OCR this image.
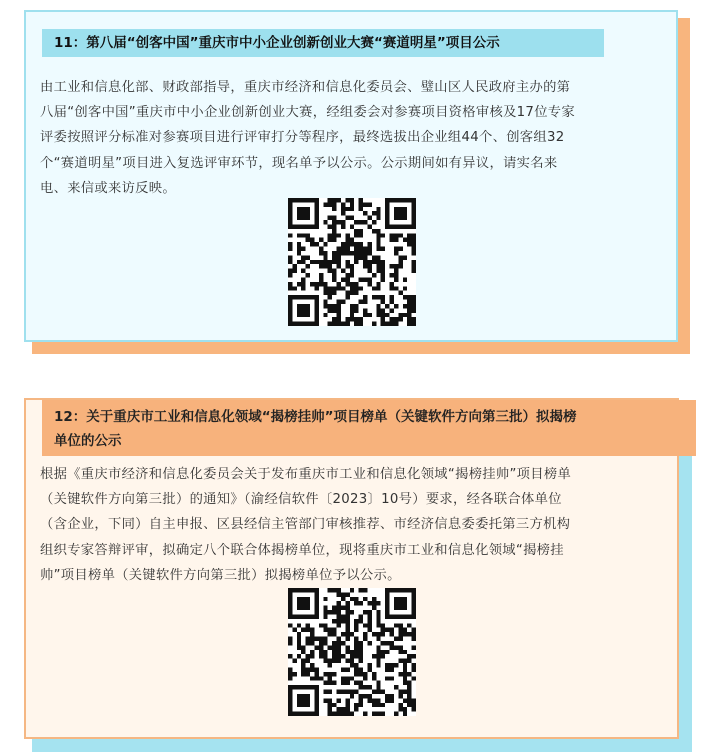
11：第八届“创客中国”重庆市中小企业创新创业大赛“赛道明星”项目公示
由工业和信息化部、财政部指导，重庆市经济和信息化委员会、璧山区人民政府主办的第
八届“创客中国”重庆市中小企业创新创业大赛，经组委会对参赛项目资格审核及17位专家
评委按照评分标准对参赛项目进行评审打分等程序，最终选拔出企业组44个、创客组32
个“赛道明星”项目进入复选评审环节，现名单予以公示。公示期间如有异议，请实名来
电、来信或来访反映。
12：关于重庆市工业和信息化领域“揭榜挂帅”项目榜单（关键软件方向第三批）拟揭榜
单位的公示
根据《重庆市经济和信息化委员会关于发布重庆市工业和信息化领域“揭榜挂帅”项目榜单
（关键软件方向第三批）的通知》（渝经信软件〔2023〕10号）要求，经各联合体单位
（含企业，下同）自主申报、区县经信主管部门审核推荐、市经济信息委委托第三方机构
组织专家答辩评审，拟确定八个联合体揭榜单位，现将重庆市工业和信息化领域“揭榜挂
帅”项目榜单（关键软件方向第三批）拟揭榜单位予以公示。
